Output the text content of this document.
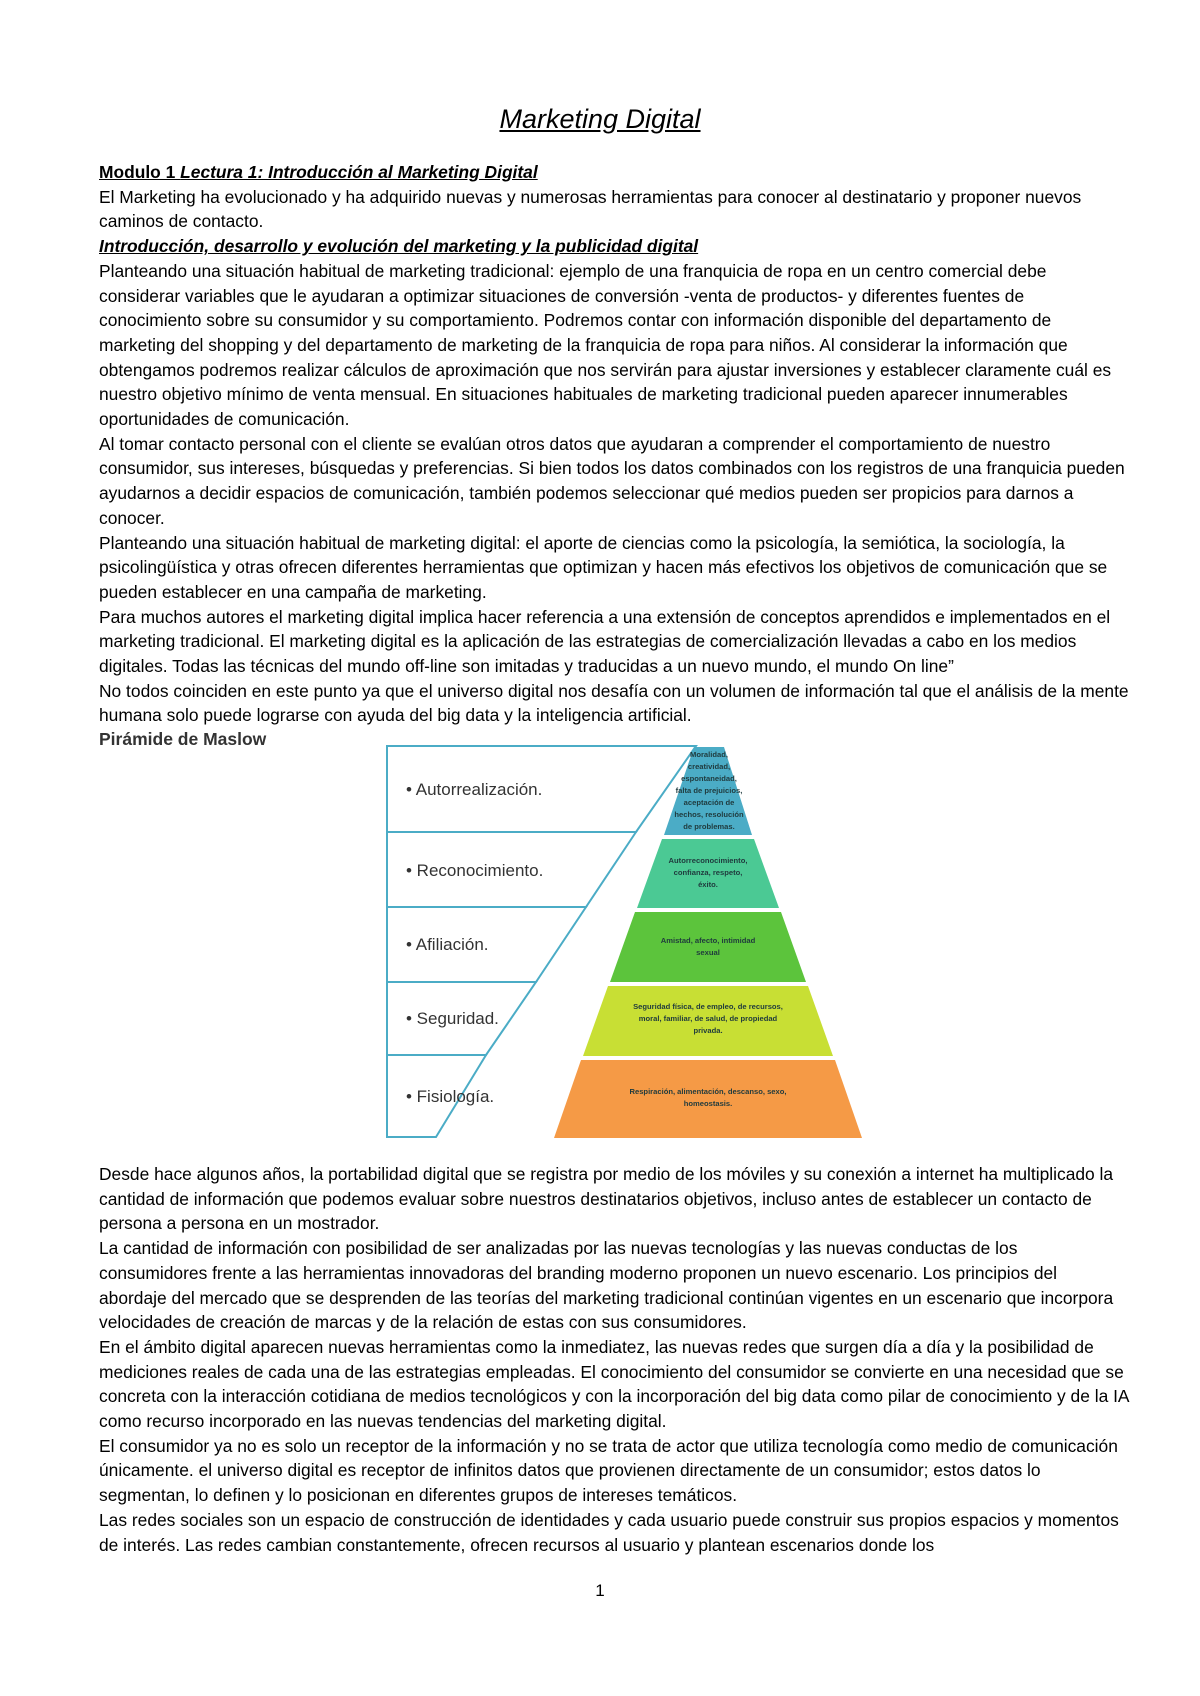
Marketing Digital

Modulo 1 Lectura 1: Introducción al Marketing Digital

El Marketing ha evolucionado y ha adquirido nuevas y numerosas herramientas para conocer al destinatario y proponer nuevos caminos de contacto.

Introducción, desarrollo y evolución del marketing y la publicidad digital

Planteando una situación habitual de marketing tradicional: ejemplo de una franquicia de ropa en un centro comercial debe considerar variables que le ayudaran a optimizar situaciones de conversión -venta de productos- y diferentes fuentes de conocimiento sobre su consumidor y su comportamiento. Podremos contar con información disponible del departamento de marketing del shopping y del departamento de marketing de la franquicia de ropa para niños. Al considerar la información que obtengamos podremos realizar cálculos de aproximación que nos servirán para ajustar inversiones y establecer claramente cuál es nuestro objetivo mínimo de venta mensual. En situaciones habituales de marketing tradicional pueden aparecer innumerables oportunidades de comunicación.

Al tomar contacto personal con el cliente se evalúan otros datos que ayudaran a comprender el comportamiento de nuestro consumidor, sus intereses, búsquedas y preferencias. Si bien todos los datos combinados con los registros de una franquicia pueden ayudarnos a decidir espacios de comunicación, también podemos seleccionar qué medios pueden ser propicios para darnos a conocer.

Planteando una situación habitual de marketing digital: el aporte de ciencias como la psicología, la semiótica, la sociología, la psicolingüística y otras ofrecen diferentes herramientas que optimizan y hacen más efectivos los objetivos de comunicación que se pueden establecer en una campaña de marketing.

Para muchos autores el marketing digital implica hacer referencia a una extensión de conceptos aprendidos e implementados en el marketing tradicional. El marketing digital es la aplicación de las estrategias de comercialización llevadas a cabo en los medios digitales. Todas las técnicas del mundo off-line son imitadas y traducidas a un nuevo mundo, el mundo On line”

No todos coinciden en este punto ya que el universo digital nos desafía con un volumen de información tal que el análisis de la mente humana solo puede lograrse con ayuda del big data y la inteligencia artificial.

Pirámide de Maslow
• Autorrealización.
• Reconocimiento.
• Afiliación.
• Seguridad.
• Fisiología.
Moralidad,
creatividad,
espontaneidad,
falta de prejuicios,
aceptación de
hechos, resolución
de problemas.
Autorreconocimiento,
confianza, respeto,
éxito.
Amistad, afecto, intimidad
sexual
Seguridad física, de empleo, de recursos,
moral, familiar, de salud, de propiedad
privada.
Respiración, alimentación, descanso, sexo,
homeostasis.

Desde hace algunos años, la portabilidad digital que se registra por medio de los móviles y su conexión a internet ha multiplicado la cantidad de información que podemos evaluar sobre nuestros destinatarios objetivos, incluso antes de establecer un contacto de persona a persona en un mostrador.

La cantidad de información con posibilidad de ser analizadas por las nuevas tecnologías y las nuevas conductas de los consumidores frente a las herramientas innovadoras del branding moderno proponen un nuevo escenario. Los principios del abordaje del mercado que se desprenden de las teorías del marketing tradicional continúan vigentes en un escenario que incorpora velocidades de creación de marcas y de la relación de estas con sus consumidores.

En el ámbito digital aparecen nuevas herramientas como la inmediatez, las nuevas redes que surgen día a día y la posibilidad de mediciones reales de cada una de las estrategias empleadas. El conocimiento del consumidor se convierte en una necesidad que se concreta con la interacción cotidiana de medios tecnológicos y con la incorporación del big data como pilar de conocimiento y de la IA como recurso incorporado en las nuevas tendencias del marketing digital.

El consumidor ya no es solo un receptor de la información y no se trata de actor que utiliza tecnología como medio de comunicación únicamente. el universo digital es receptor de infinitos datos que provienen directamente de un consumidor; estos datos lo segmentan, lo definen y lo posicionan en diferentes grupos de intereses temáticos.

Las redes sociales son un espacio de construcción de identidades y cada usuario puede construir sus propios espacios y momentos de interés. Las redes cambian constantemente, ofrecen recursos al usuario y plantean escenarios donde los

1
